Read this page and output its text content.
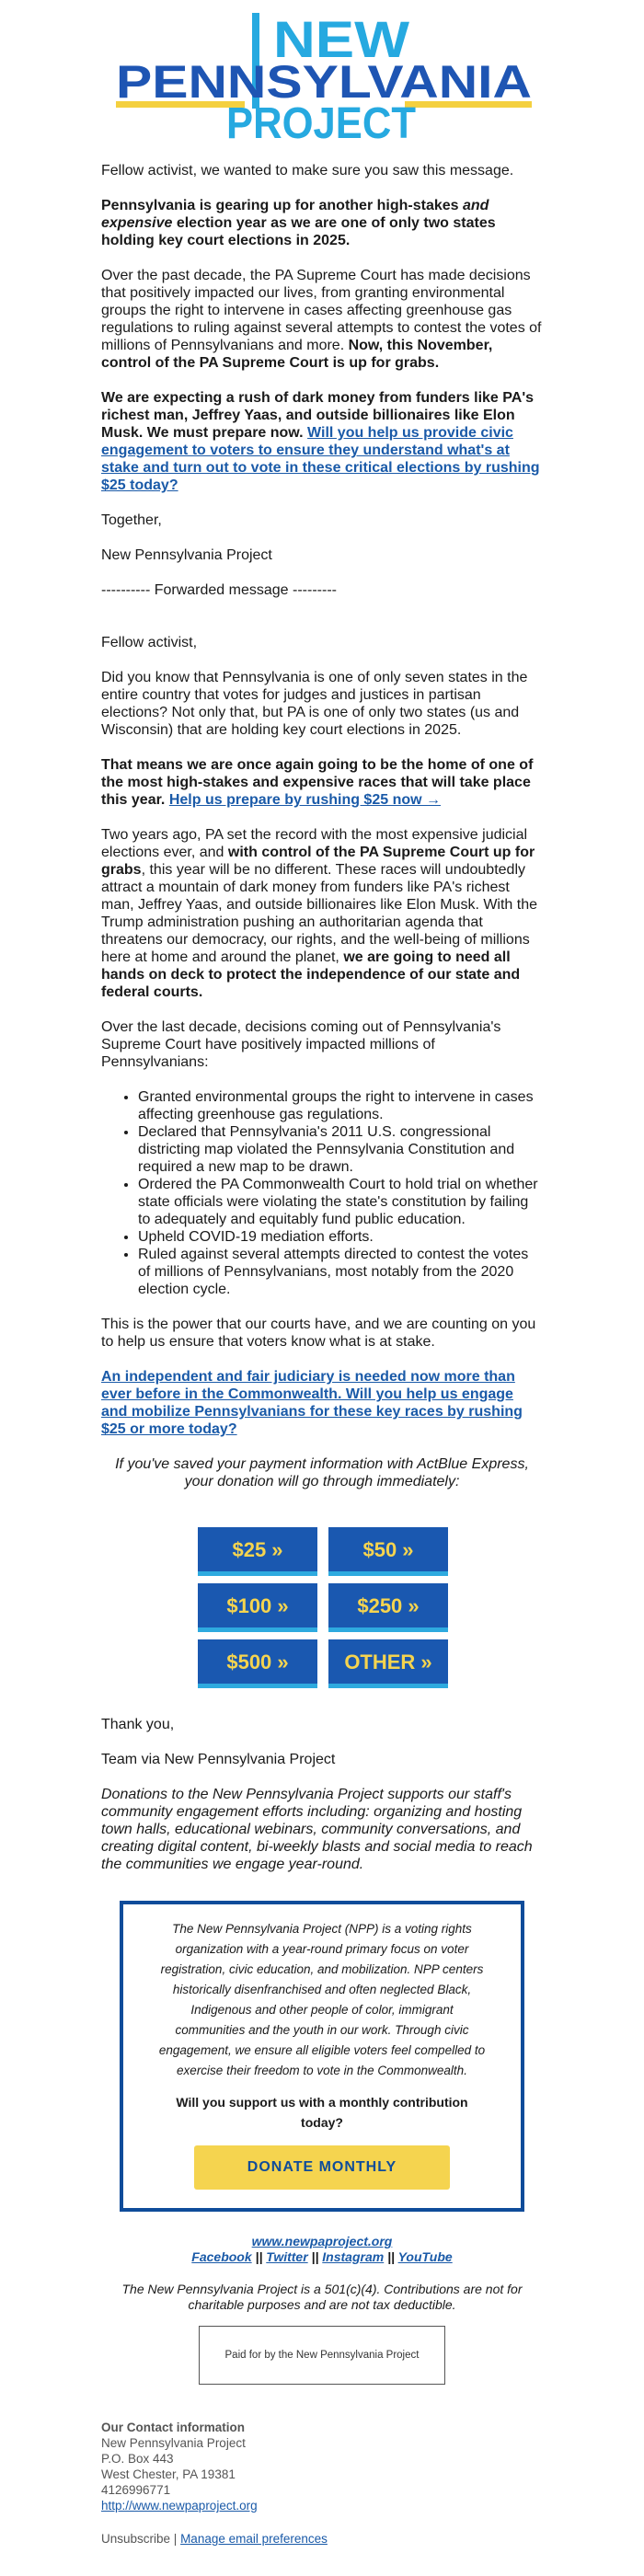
NEW
PENNSYLVANIA
PROJECT

Fellow activist, we wanted to make sure you saw this message.

Pennsylvania is gearing up for another high-stakes and expensive election year as we are one of only two states holding key court elections in 2025.

Over the past decade, the PA Supreme Court has made decisions that positively impacted our lives, from granting environmental groups the right to intervene in cases affecting greenhouse gas regulations to ruling against several attempts to contest the votes of millions of Pennsylvanians and more. Now, this November, control of the PA Supreme Court is up for grabs.

We are expecting a rush of dark money from funders like PA's richest man, Jeffrey Yaas, and outside billionaires like Elon Musk. We must prepare now. Will you help us provide civic engagement to voters to ensure they understand what's at stake and turn out to vote in these critical elections by rushing $25 today?

Together,

New Pennsylvania Project

---------- Forwarded message ---------

Fellow activist,

Did you know that Pennsylvania is one of only seven states in the entire country that votes for judges and justices in partisan elections? Not only that, but PA is one of only two states (us and Wisconsin) that are holding key court elections in 2025.

That means we are once again going to be the home of one of the most high-stakes and expensive races that will take place this year. Help us prepare by rushing $25 now →

Two years ago, PA set the record with the most expensive judicial elections ever, and with control of the PA Supreme Court up for grabs, this year will be no different. These races will undoubtedly attract a mountain of dark money from funders like PA's richest man, Jeffrey Yaas, and outside billionaires like Elon Musk. With the Trump administration pushing an authoritarian agenda that threatens our democracy, our rights, and the well-being of millions here at home and around the planet, we are going to need all hands on deck to protect the independence of our state and federal courts.

Over the last decade, decisions coming out of Pennsylvania's Supreme Court have positively impacted millions of Pennsylvanians:

• Granted environmental groups the right to intervene in cases affecting greenhouse gas regulations.
• Declared that Pennsylvania's 2011 U.S. congressional districting map violated the Pennsylvania Constitution and required a new map to be drawn.
• Ordered the PA Commonwealth Court to hold trial on whether state officials were violating the state's constitution by failing to adequately and equitably fund public education.
• Upheld COVID-19 mediation efforts.
• Ruled against several attempts directed to contest the votes of millions of Pennsylvanians, most notably from the 2020 election cycle.

This is the power that our courts have, and we are counting on you to help us ensure that voters know what is at stake.

An independent and fair judiciary is needed now more than ever before in the Commonwealth. Will you help us engage and mobilize Pennsylvanians for these key races by rushing $25 or more today?

If you've saved your payment information with ActBlue Express, your donation will go through immediately:

$25 »	$50 »
$100 »	$250 »
$500 »	OTHER »

Thank you,

Team via New Pennsylvania Project

Donations to the New Pennsylvania Project supports our staff's community engagement efforts including: organizing and hosting town halls, educational webinars, community conversations, and creating digital content, bi-weekly blasts and social media to reach the communities we engage year-round.

The New Pennsylvania Project (NPP) is a voting rights organization with a year-round primary focus on voter registration, civic education, and mobilization. NPP centers historically disenfranchised and often neglected Black, Indigenous and other people of color, immigrant communities and the youth in our work. Through civic engagement, we ensure all eligible voters feel compelled to exercise their freedom to vote in the Commonwealth.
Will you support us with a monthly contribution today?
DONATE MONTHLY
www.newpaproject.org
Facebook || Twitter || Instagram || YouTube
The New Pennsylvania Project is a 501(c)(4). Contributions are not for charitable purposes and are not tax deductible.
Paid for by the New Pennsylvania Project
Our Contact information
New Pennsylvania Project
P.O. Box 443
West Chester, PA 19381
4126996771
http://www.newpaproject.org
Unsubscribe | Manage email preferences
